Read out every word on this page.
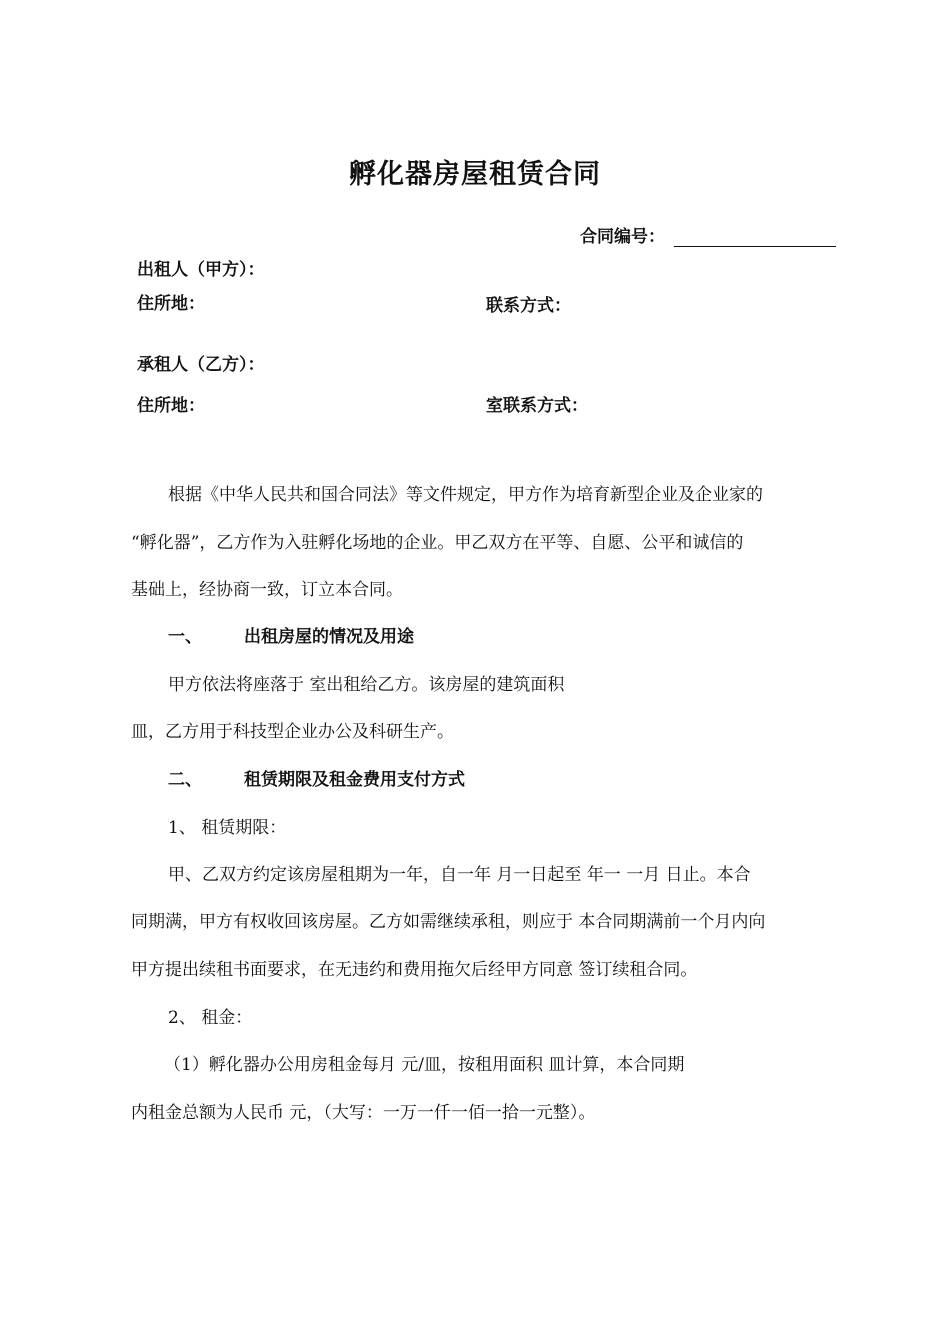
孵化器房屋租赁合同
合同编号：
出租人（甲方）：
住所地：	联系方式：
承租人（乙方）：
住所地：	室联系方式：
根据《中华人民共和国合同法》等文件规定，甲方作为培育新型企业及企业家的
“孵化器”，乙方作为入驻孵化场地的企业。甲乙双方在平等、自愿、公平和诚信的
基础上，经协商一致，订立本合同。
一、 出租房屋的情况及用途
甲方依法将座落于 室出租给乙方。该房屋的建筑面积
皿，乙方用于科技型企业办公及科研生产。
二、 租赁期限及租金费用支付方式
1、 租赁期限：
甲、乙双方约定该房屋租期为一年，自一年 月一日起至 年一 一月 日止。本合
同期满，甲方有权收回该房屋。乙方如需继续承租，则应于 本合同期满前一个月内向
甲方提出续租书面要求，在无违约和费用拖欠后经甲方同意 签订续租合同。
2、 租金：
（1）孵化器办公用房租金每月 元/皿，按租用面积 皿计算，本合同期
内租金总额为人民币 元，（大写：一万一仟一佰一拾一元整）。
